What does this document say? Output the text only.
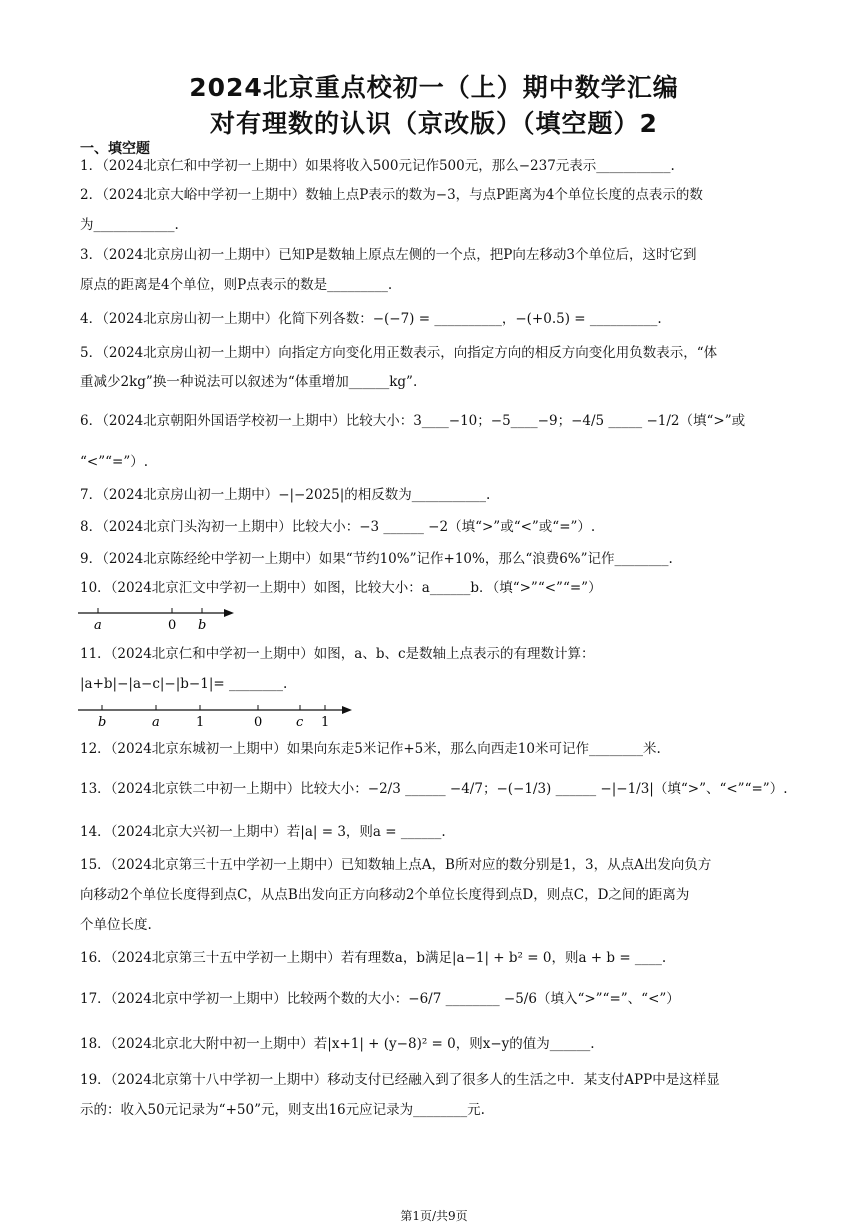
2024北京重点校初一（上）期中数学汇编
对有理数的认识（京改版）（填空题）2
一、填空题
1．（2024北京仁和中学初一上期中）如果将收入500元记作500元，那么−237元表示___________.
2．（2024北京大峪中学初一上期中）数轴上点P表示的数为−3，与点P距离为4个单位长度的点表示的数
为____________.
3．（2024北京房山初一上期中）已知P是数轴上原点左侧的一个点，把P向左移动3个单位后，这时它到
原点的距离是4个单位，则P点表示的数是_________.
4．（2024北京房山初一上期中）化简下列各数：−(−7) = __________，−(+0.5) = __________.
5．（2024北京房山初一上期中）向指定方向变化用正数表示，向指定方向的相反方向变化用负数表示，“体
重减少2kg”换一种说法可以叙述为“体重增加______kg”.
6．（2024北京朝阳外国语学校初一上期中）比较大小：3____−10；−5____−9；−4/5 _____ −1/2（填“>”或
“<”“=”）.
7．（2024北京房山初一上期中）−|−2025|的相反数为___________.
8．（2024北京门头沟初一上期中）比较大小：−3 ______ −2（填“>”或“<”或“=”）.
9．（2024北京陈经纶中学初一上期中）如果“节约10%”记作+10%，那么“浪费6%”记作________.
10．（2024北京汇文中学初一上期中）如图，比较大小：a______b．（填“>”“<”“=”）
a	0 b
11．（2024北京仁和中学初一上期中）如图，a、b、c是数轴上点表示的有理数计算：
|a+b|−|a−c|−|b−1|= ________.
b	a	1	0	c 1
12．（2024北京东城初一上期中）如果向东走5米记作+5米，那么向西走10米可记作________米.
13．（2024北京铁二中初一上期中）比较大小：−2/3 ______ −4/7；−(−1/3) ______ −|−1/3|（填“>”、“<”“=”）.
14．（2024北京大兴初一上期中）若|a| = 3，则a = ______.
15．（2024北京第三十五中学初一上期中）已知数轴上点A，B所对应的数分别是1，3，从点A出发向负方
向移动2个单位长度得到点C，从点B出发向正方向移动2个单位长度得到点D，则点C，D之间的距离为
个单位长度.
16．（2024北京第三十五中学初一上期中）若有理数a，b满足|a−1| + b² = 0，则a + b = ____.
17．（2024北京中学初一上期中）比较两个数的大小：−6/7 ________ −5/6（填入“>”“=”、“<”）
18．（2024北京北大附中初一上期中）若|x+1| + (y−8)² = 0，则x−y的值为______.
19．（2024北京第十八中学初一上期中）移动支付已经融入到了很多人的生活之中．某支付APP中是这样显
示的：收入50元记录为“+50”元，则支出16元应记录为________元.
第1页/共9页
